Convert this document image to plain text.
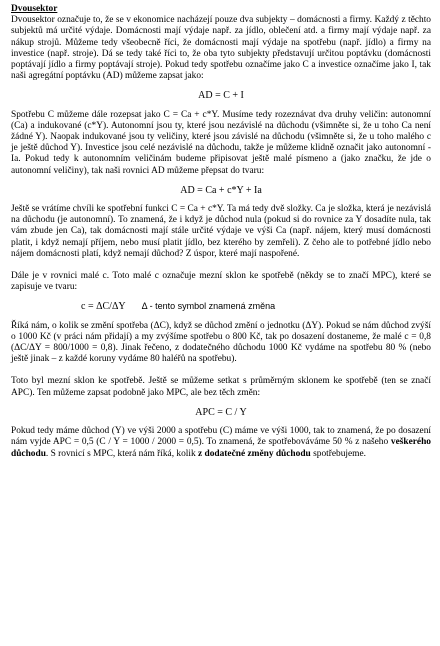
Dvousektor

Dvousektor označuje to, že se v ekonomice nacházejí pouze dva subjekty – domácnosti a firmy. Každý z těchto subjektů má určité výdaje. Domácnosti mají výdaje např. za jídlo, oblečení atd. a firmy mají výdaje např. za nákup strojů. Můžeme tedy všeobecně říci, že domácnosti mají výdaje na spotřebu (např. jídlo) a firmy na investice (např. stroje). Dá se tedy také říci to, že oba tyto subjekty představují určitou poptávku (domácnosti poptávají jídlo a firmy poptávají stroje). Pokud tedy spotřebu označíme jako C a investice označíme jako I, tak naši agregátní poptávku (AD) můžeme zapsat jako:

AD = C + I

Spotřebu C můžeme dále rozepsat jako C = Ca + c*Y. Musíme tedy rozeznávat dva druhy veličin: autonomní (Ca) a indukované (c*Y). Autonomní jsou ty, které jsou nezávislé na důchodu (všimněte si, že u toho Ca není žádné Y). Naopak indukované jsou ty veličiny, které jsou závislé na důchodu (všimněte si, že u toho malého c je ještě důchod Y). Investice jsou celé nezávislé na důchodu, takže je můžeme klidně označit jako autonomní - Ia. Pokud tedy k autonomním veličinám budeme připisovat ještě malé písmeno a (jako značku, že jde o autonomní veličiny), tak naši rovnici AD můžeme přepsat do tvaru:

AD = Ca + c*Y + Ia

Ještě se vrátíme chvíli ke spotřební funkci C = Ca + c*Y. Ta má tedy dvě složky. Ca je složka, která je nezávislá na důchodu (je autonomní). To znamená, že i když je důchod nula (pokud si do rovnice za Y dosadíte nula, tak vám zbude jen Ca), tak domácnosti mají stále určité výdaje ve výši Ca (např. nájem, který musí domácnosti platit, i když nemají příjem, nebo musí platit jídlo, bez kterého by zemřeli). Z čeho ale to potřebné jídlo nebo nájem domácnosti platí, když nemají důchod? Z úspor, které mají naspořené.

Dále je v rovnici malé c. Toto malé c označuje mezní sklon ke spotřebě (někdy se to značí MPC), které se zapisuje ve tvaru:

c = ΔC/ΔY Δ - tento symbol znamená změna

Říká nám, o kolik se změní spotřeba (ΔC), když se důchod změní o jednotku (ΔY). Pokud se nám důchod zvýší o 1000 Kč (v práci nám přidají) a my zvýšíme spotřebu o 800 Kč, tak po dosazení dostaneme, že malé c = 0,8 (ΔC/ΔY = 800/1000 = 0,8). Jinak řečeno, z dodatečného důchodu 1000 Kč vydáme na spotřebu 80 % (nebo ještě jinak – z každé koruny vydáme 80 haléřů na spotřebu).

Toto byl mezní sklon ke spotřebě. Ještě se můžeme setkat s průměrným sklonem ke spotřebě (ten se značí APC). Ten můžeme zapsat podobně jako MPC, ale bez těch změn:

APC = C / Y

Pokud tedy máme důchod (Y) ve výši 2000 a spotřebu (C) máme ve výši 1000, tak to znamená, že po dosazení nám vyjde APC = 0,5 (C / Y = 1000 / 2000 = 0,5). To znamená, že spotřebováváme 50 % z našeho veškerého důchodu. S rovnicí s MPC, která nám říká, kolik z dodatečné změny důchodu spotřebujeme.
